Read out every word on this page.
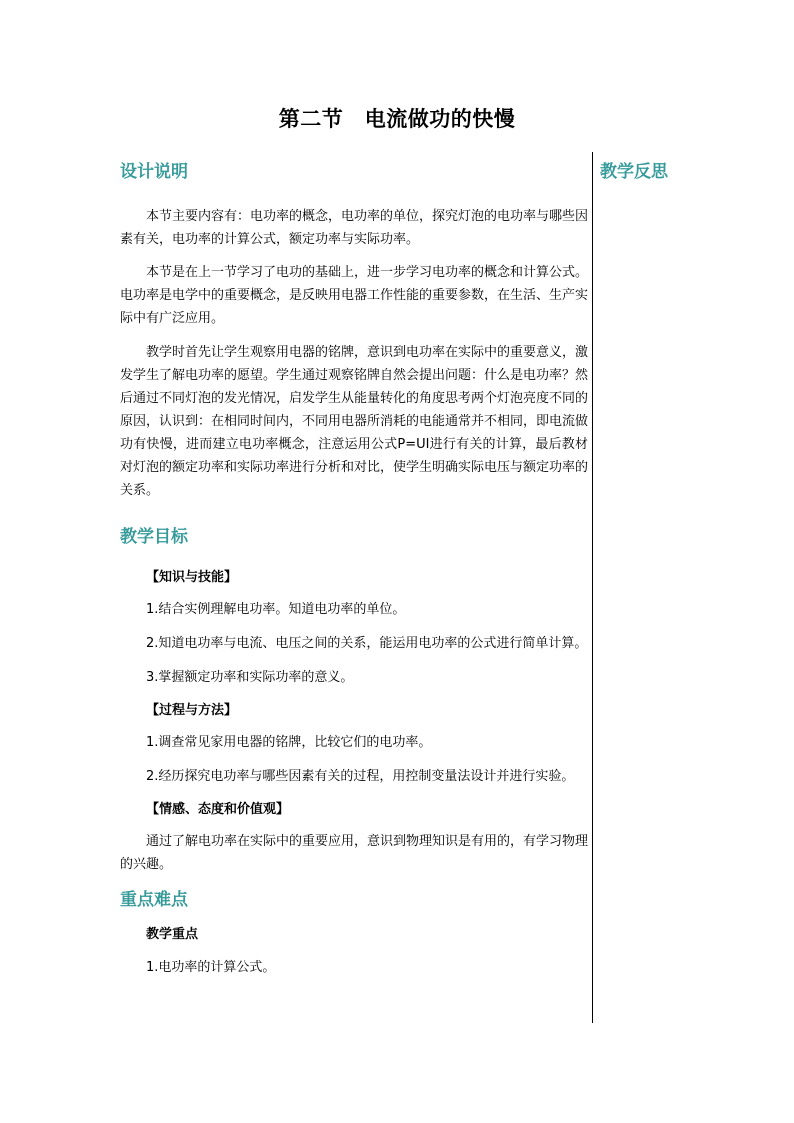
第二节　电流做功的快慢
设计说明

本节主要内容有：电功率的概念，电功率的单位，探究灯泡的电功率与哪些因素有关，电功率的计算公式，额定功率与实际功率。

本节是在上一节学习了电功的基础上，进一步学习电功率的概念和计算公式。电功率是电学中的重要概念，是反映用电器工作性能的重要参数，在生活、生产实际中有广泛应用。

教学时首先让学生观察用电器的铭牌，意识到电功率在实际中的重要意义，激发学生了解电功率的愿望。学生通过观察铭牌自然会提出问题：什么是电功率？然后通过不同灯泡的发光情况，启发学生从能量转化的角度思考两个灯泡亮度不同的原因，认识到：在相同时间内，不同用电器所消耗的电能通常并不相同，即电流做功有快慢，进而建立电功率概念，注意运用公式P=UI进行有关的计算，最后教材对灯泡的额定功率和实际功率进行分析和对比，使学生明确实际电压与额定功率的关系。

教学目标

【知识与技能】

1.结合实例理解电功率。知道电功率的单位。

2.知道电功率与电流、电压之间的关系，能运用电功率的公式进行简单计算。

3.掌握额定功率和实际功率的意义。

【过程与方法】

1.调查常见家用电器的铭牌，比较它们的电功率。

2.经历探究电功率与哪些因素有关的过程，用控制变量法设计并进行实验。

【情感、态度和价值观】

通过了解电功率在实际中的重要应用，意识到物理知识是有用的，有学习物理的兴趣。

重点难点

教学重点

1.电功率的计算公式。

教学反思
